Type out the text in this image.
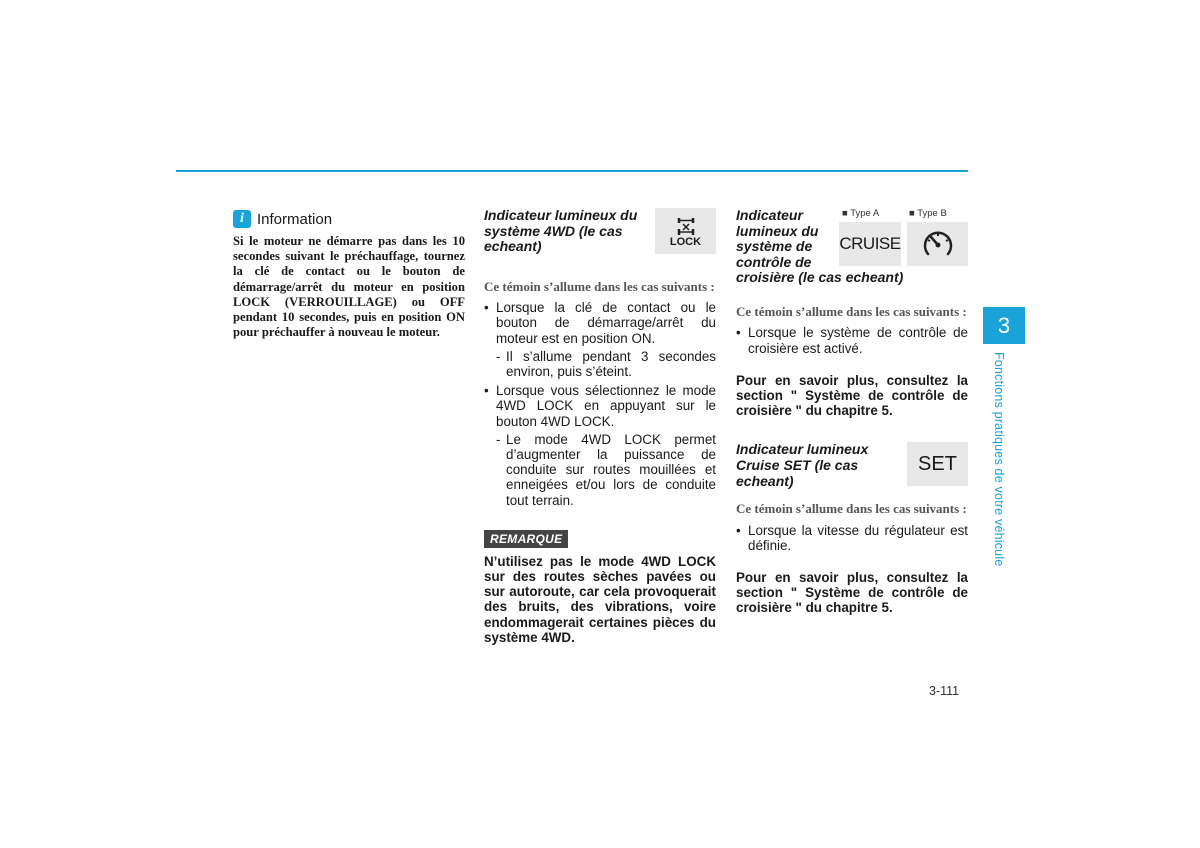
i Information
Si le moteur ne démarre pas dans les 10 secondes suivant le préchauffage, tournez la clé de contact ou le bouton de démarrage/arrêt du moteur en position LOCK (VERROUILLAGE) ou OFF pendant 10 secondes, puis en position ON pour préchauffer à nouveau le moteur.
Indicateur lumineux du système 4WD (le cas echeant)	LOCK
Ce témoin s’allume dans les cas suivants :
• Lorsque la clé de contact ou le bouton de démarrage/arrêt du moteur est en position ON.
- Il s’allume pendant 3 secondes environ, puis s’éteint.
• Lorsque vous sélectionnez le mode 4WD LOCK en appuyant sur le bouton 4WD LOCK.
- Le mode 4WD LOCK permet d’augmenter la puissance de conduite sur routes mouillées et enneigées et/ou lors de conduite tout terrain.
REMARQUE
N’utilisez pas le mode 4WD LOCK sur des routes sèches pavées ou sur autoroute, car cela provoquerait des bruits, des vibrations, voire endommagerait certaines pièces du système 4WD.
Indicateur
lumineux du
système de
contrôle de
croisière (le cas echeant)
■ Type A	■ Type B
CRUISE
Ce témoin s’allume dans les cas suivants :
• Lorsque le système de contrôle de croisière est activé.
Pour en savoir plus, consultez la section " Système de contrôle de croisière " du chapitre 5.
Indicateur lumineux Cruise SET (le cas echeant)
SET
Ce témoin s’allume dans les cas suivants :
• Lorsque la vitesse du régulateur est définie.
Pour en savoir plus, consultez la section " Système de contrôle de croisière " du chapitre 5.
3
Fonctions pratiques de votre véhicule
3-111
